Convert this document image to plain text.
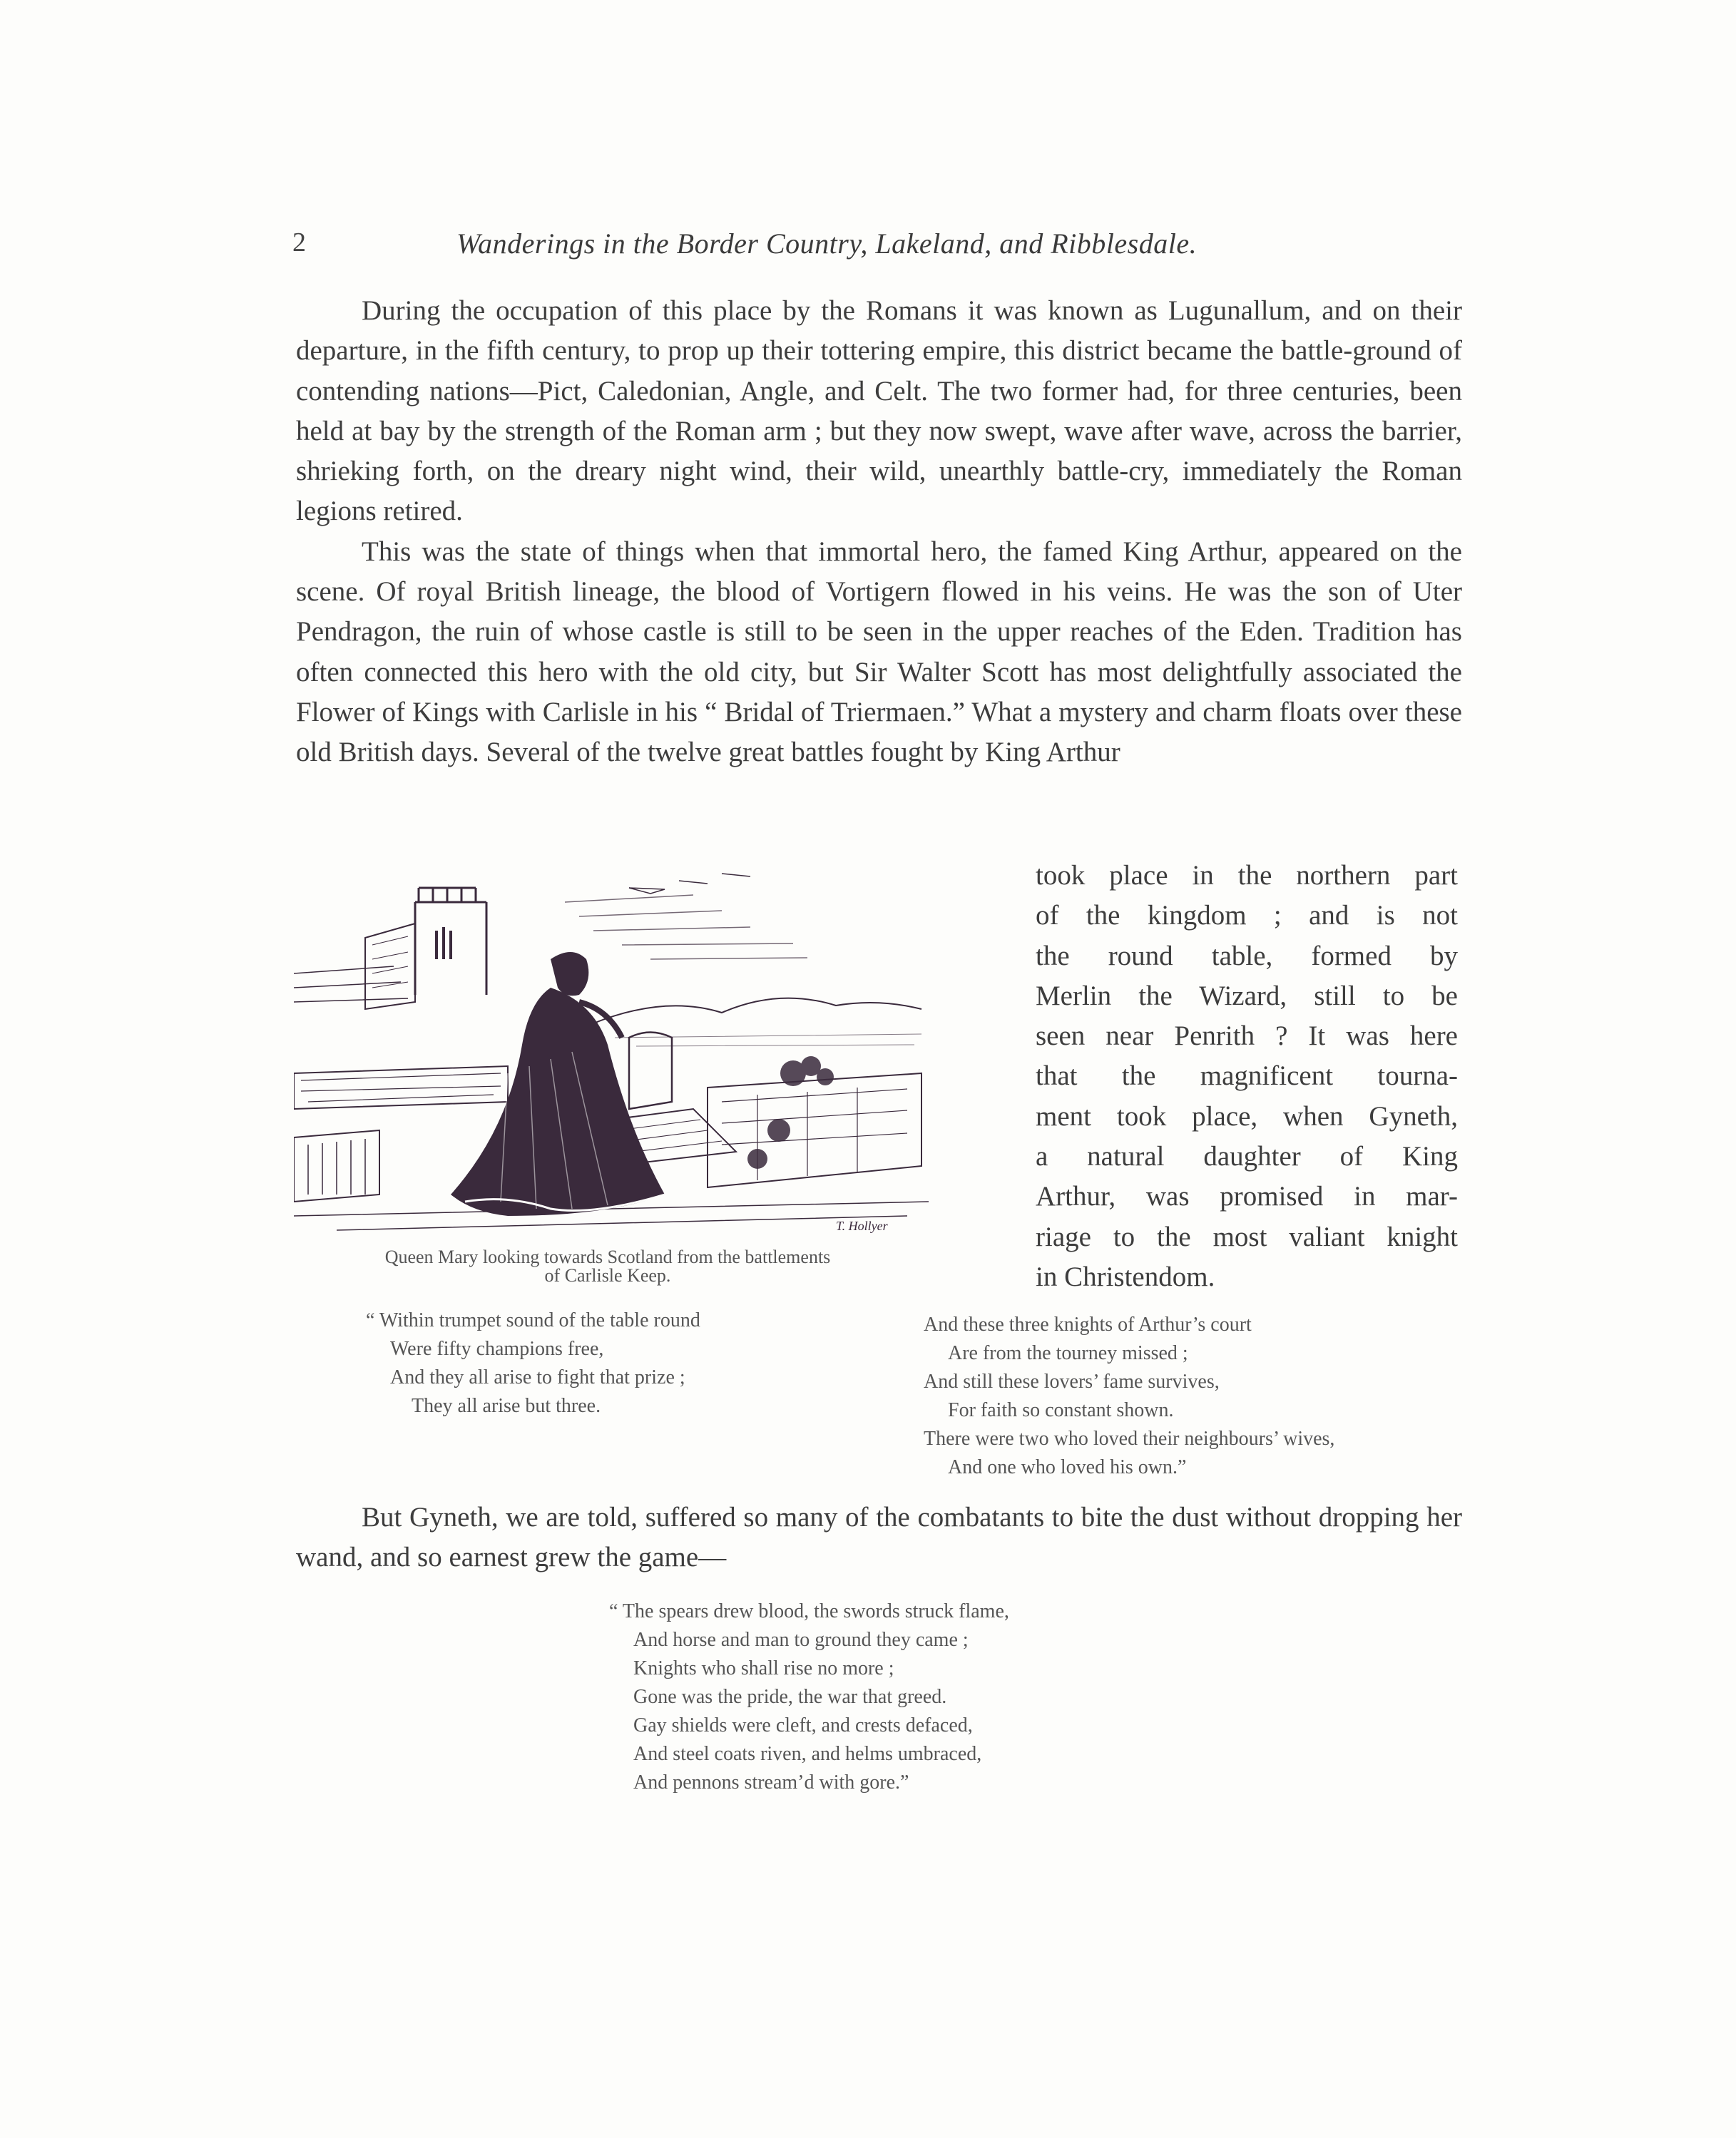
2	Wanderings in the Border Country, Lakeland, and Ribblesdale.

During the occupation of this place by the Romans it was known as Lugunallum, and on their departure, in the fifth century, to prop up their tottering empire, this district became the battle-ground of contending nations—Pict, Caledonian, Angle, and Celt. The two former had, for three centuries, been held at bay by the strength of the Roman arm ; but they now swept, wave after wave, across the barrier, shrieking forth, on the dreary night wind, their wild, unearthly battle-cry, immediately the Roman legions retired.

This was the state of things when that immortal hero, the famed King Arthur, appeared on the scene. Of royal British lineage, the blood of Vortigern flowed in his veins. He was the son of Uter Pendragon, the ruin of whose castle is still to be seen in the upper reaches of the Eden. Tradition has often connected this hero with the old city, but Sir Walter Scott has most delightfully associated the Flower of Kings with Carlisle in his “ Bridal of Triermaen.” What a mystery and charm floats over these old British days. Several of the twelve great battles fought by King Arthur

T. Hollyer
Queen Mary looking towards Scotland from the battlements
of Carlisle Keep.
took place in the northern part
of the kingdom ; and is not
the round table, formed by
Merlin the Wizard, still to be
seen near Penrith ? It was here
that the magnificent tourna-
ment took place, when Gyneth,
a natural daughter of King
Arthur, was promised in mar-
riage to the most valiant knight
in Christendom.
“ Within trumpet sound of the table round
Were fifty champions free,
And they all arise to fight that prize ;
They all arise but three.
And these three knights of Arthur’s court
Are from the tourney missed ;
And still these lovers’ fame survives,
For faith so constant shown.
There were two who loved their neighbours’ wives,
And one who loved his own.”

But Gyneth, we are told, suffered so many of the combatants to bite the dust without dropping her wand, and so earnest grew the game—

“ The spears drew blood, the swords struck flame,
And horse and man to ground they came ;
Knights who shall rise no more ;
Gone was the pride, the war that greed.
Gay shields were cleft, and crests defaced,
And steel coats riven, and helms umbraced,
And pennons stream’d with gore.”
